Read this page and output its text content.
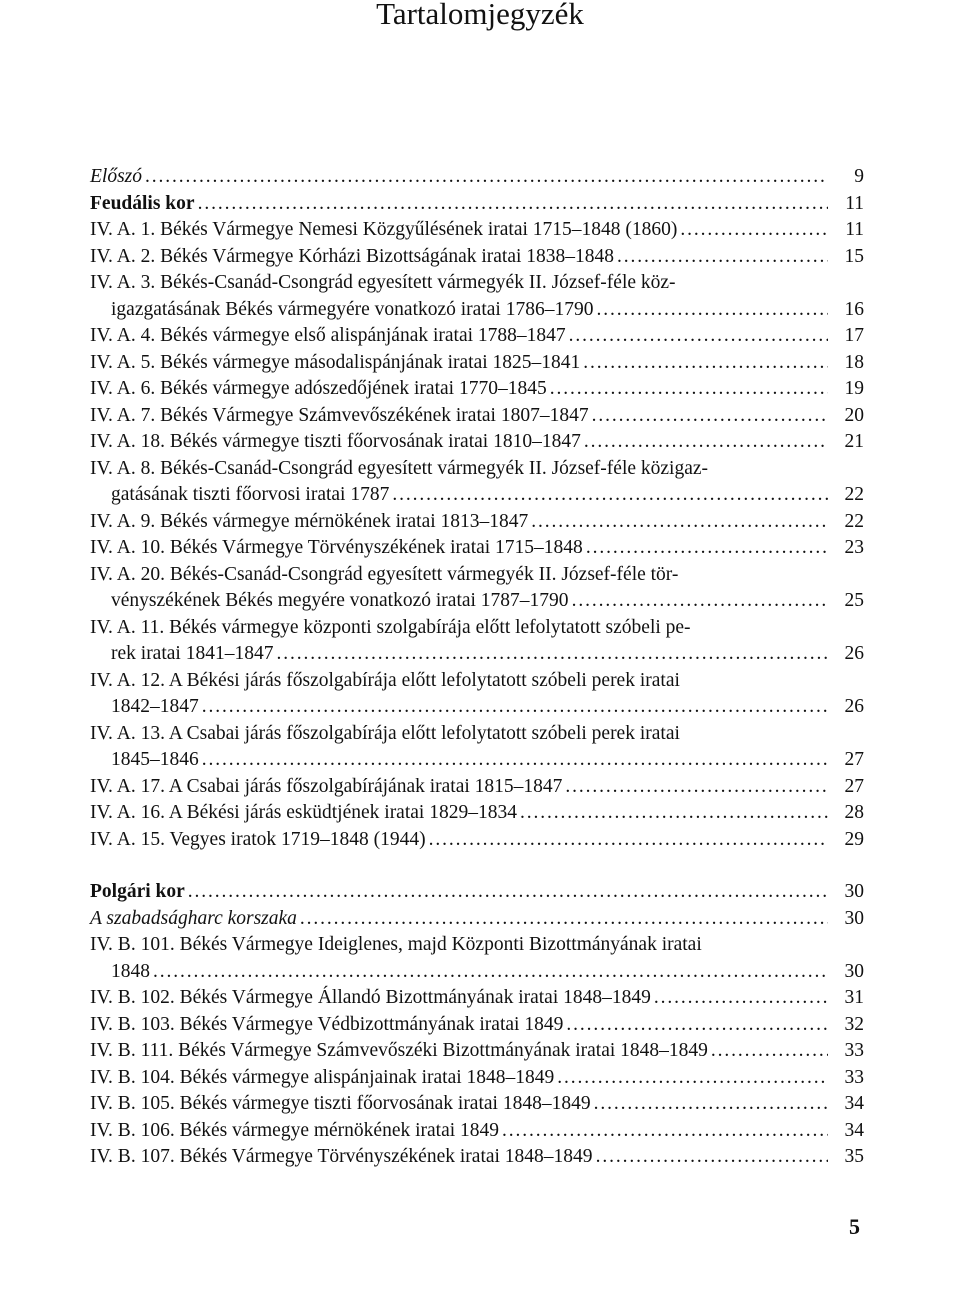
Tartalomjegyzék
Előszó . . .	9
Feudális kor . . .	11
IV. A. 1. Békés Vármegye Nemesi Közgyűlésének iratai 1715–1848 (1860) . . .	11
IV. A. 2. Békés Vármegye Kórházi Bizottságának iratai 1838–1848 . . .	15
IV. A. 3. Békés-Csanád-Csongrád egyesített vármegyék II. József-féle köz-
igazgatásának Békés vármegyére vonatkozó iratai 1786–1790 . . .	16
IV. A. 4. Békés vármegye első alispánjának iratai 1788–1847 . . .	17
IV. A. 5. Békés vármegye másodalispánjának iratai 1825–1841 . . .	18
IV. A. 6. Békés vármegye adószedőjének iratai 1770–1845 . . .	19
IV. A. 7. Békés Vármegye Számvevőszékének iratai 1807–1847 . . .	20
IV. A. 18. Békés vármegye tiszti főorvosának iratai 1810–1847 . . .	21
IV. A. 8. Békés-Csanád-Csongrád egyesített vármegyék II. József-féle közigaz-
gatásának tiszti főorvosi iratai 1787 . . .	22
IV. A. 9. Békés vármegye mérnökének iratai 1813–1847 . . .	22
IV. A. 10. Békés Vármegye Törvényszékének iratai 1715–1848 . . .	23
IV. A. 20. Békés-Csanád-Csongrád egyesített vármegyék II. József-féle tör-
vényszékének Békés megyére vonatkozó iratai 1787–1790 . . .	25
IV. A. 11. Békés vármegye központi szolgabírája előtt lefolytatott szóbeli pe-
rek iratai 1841–1847 . . .	26
IV. A. 12. A Békési járás főszolgabírája előtt lefolytatott szóbeli perek iratai
1842–1847 . . .	26
IV. A. 13. A Csabai járás főszolgabírája előtt lefolytatott szóbeli perek iratai
1845–1846 . . .	27
IV. A. 17. A Csabai járás főszolgabírájának iratai 1815–1847 . . .	27
IV. A. 16. A Békési járás esküdtjének iratai 1829–1834 . . .	28
IV. A. 15. Vegyes iratok 1719–1848 (1944) . . .	29
Polgári kor . . .	30
A szabadságharc korszaka . . .	30
IV. B. 101. Békés Vármegye Ideiglenes, majd Központi Bizottmányának iratai
1848 . . .	30
IV. B. 102. Békés Vármegye Állandó Bizottmányának iratai 1848–1849 . . .	31
IV. B. 103. Békés Vármegye Védbizottmányának iratai 1849 . . .	32
IV. B. 111. Békés Vármegye Számvevőszéki Bizottmányának iratai 1848–1849 . . .	33
IV. B. 104. Békés vármegye alispánjainak iratai 1848–1849 . . .	33
IV. B. 105. Békés vármegye tiszti főorvosának iratai 1848–1849 . . .	34
IV. B. 106. Békés vármegye mérnökének iratai 1849 . . .	34
IV. B. 107. Békés Vármegye Törvényszékének iratai 1848–1849 . . .	35
5
